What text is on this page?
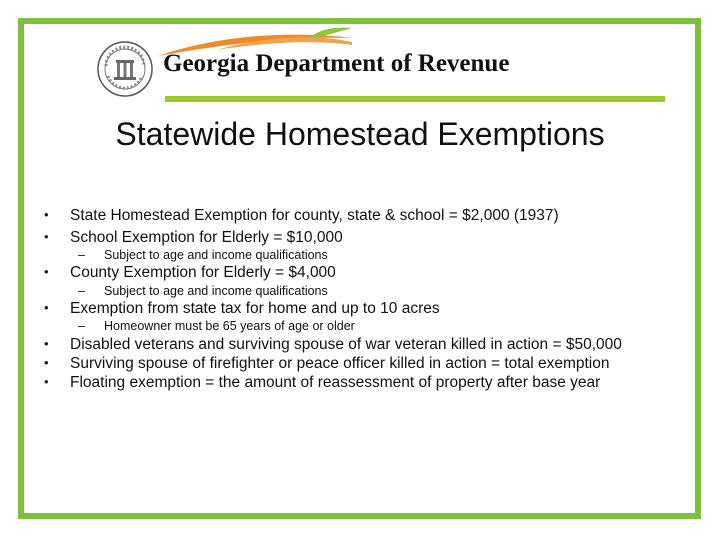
Georgia Department of Revenue
Statewide Homestead Exemptions
• State Homestead Exemption for county, state & school = $2,000 (1937)
• School Exemption for Elderly = $10,000
– Subject to age and income qualifications
• County Exemption for Elderly = $4,000
– Subject to age and income qualifications
• Exemption from state tax for home and up to 10 acres
– Homeowner must be 65 years of age or older
• Disabled veterans and surviving spouse of war veteran killed in action = $50,000
• Surviving spouse of firefighter or peace officer killed in action = total exemption
• Floating exemption = the amount of reassessment of property after base year
